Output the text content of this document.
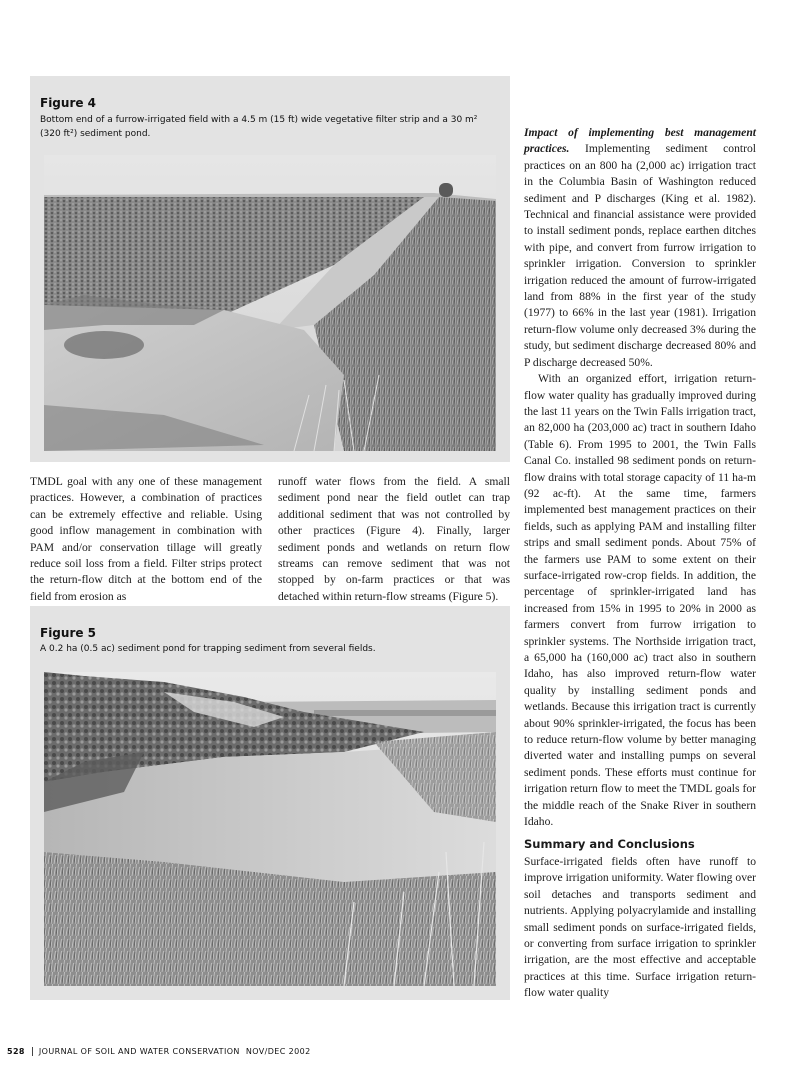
Figure 4
Bottom end of a furrow-irrigated field with a 4.5 m (15 ft) wide vegetative filter strip and a 30 m² (320 ft²) sediment pond.

TMDL goal with any one of these management practices. However, a combination of practices can be extremely effective and reliable. Using good inflow management in combination with PAM and/or conservation tillage will greatly reduce soil loss from a field. Filter strips protect the return-flow ditch at the bottom end of the field from erosion as

runoff water flows from the field. A small sediment pond near the field outlet can trap additional sediment that was not controlled by other practices (Figure 4). Finally, larger sediment ponds and wetlands on return flow streams can remove sediment that was not stopped by on-farm practices or that was detached within return-flow streams (Figure 5).

Figure 5
A 0.2 ha (0.5 ac) sediment pond for trapping sediment from several fields.

Impact of implementing best management practices. Implementing sediment control practices on an 800 ha (2,000 ac) irrigation tract in the Columbia Basin of Washington reduced sediment and P discharges (King et al. 1982). Technical and financial assistance were provided to install sediment ponds, replace earthen ditches with pipe, and convert from furrow irrigation to sprinkler irrigation. Conversion to sprinkler irrigation reduced the amount of furrow-irrigated land from 88% in the first year of the study (1977) to 66% in the last year (1981). Irrigation return-flow volume only decreased 3% during the study, but sediment discharge decreased 80% and P discharge decreased 50%.

With an organized effort, irrigation return-flow water quality has gradually improved during the last 11 years on the Twin Falls irrigation tract, an 82,000 ha (203,000 ac) tract in southern Idaho (Table 6). From 1995 to 2001, the Twin Falls Canal Co. installed 98 sediment ponds on return-flow drains with total storage capacity of 11 ha-m (92 ac-ft). At the same time, farmers implemented best management practices on their fields, such as applying PAM and installing filter strips and small sediment ponds. About 75% of the farmers use PAM to some extent on their surface-irrigated row-crop fields. In addition, the percentage of sprinkler-irrigated land has increased from 15% in 1995 to 20% in 2000 as farmers convert from furrow irrigation to sprinkler systems. The Northside irrigation tract, a 65,000 ha (160,000 ac) tract also in southern Idaho, has also improved return-flow water quality by installing sediment ponds and wetlands. Because this irrigation tract is currently about 90% sprinkler-irrigated, the focus has been to reduce return-flow volume by better managing diverted water and installing pumps on several sediment ponds. These efforts must continue for irrigation return flow to meet the TMDL goals for the middle reach of the Snake River in southern Idaho.

Summary and Conclusions

Surface-irrigated fields often have runoff to improve irrigation uniformity. Water flowing over soil detaches and transports sediment and nutrients. Applying polyacrylamide and installing small sediment ponds on surface-irrigated fields, or converting from surface irrigation to sprinkler irrigation, are the most effective and acceptable practices at this time. Surface irrigation return-flow water quality

528	JOURNAL OF SOIL AND WATER CONSERVATION NOV/DEC 2002
